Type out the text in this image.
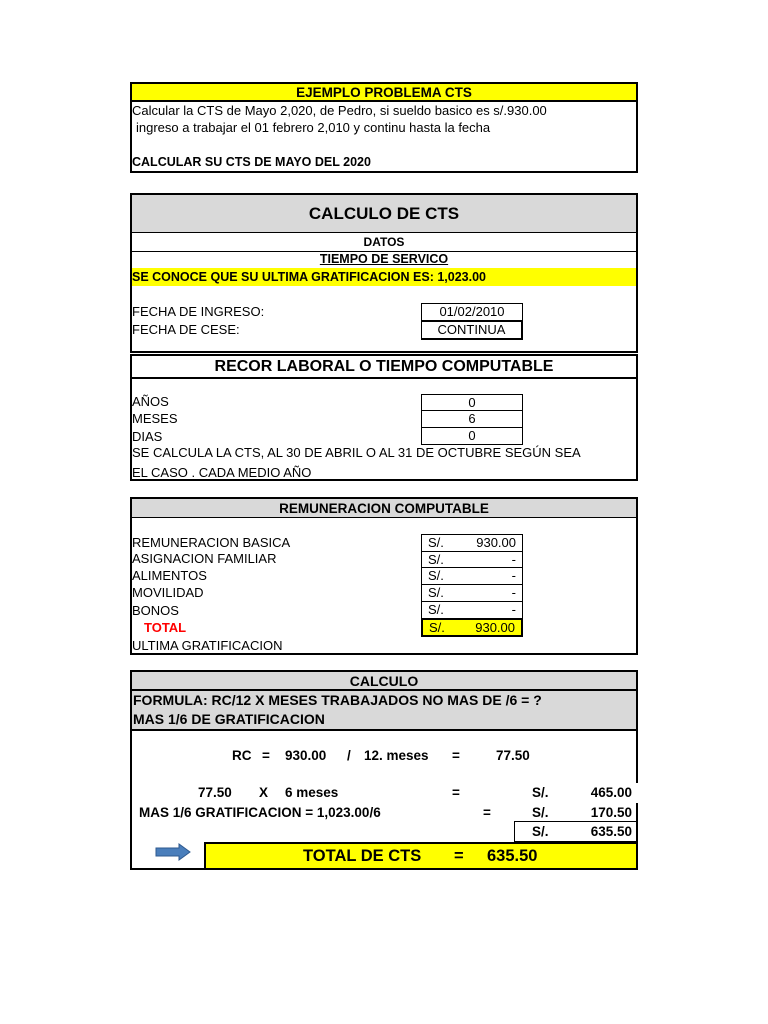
EJEMPLO PROBLEMA CTS
Calcular la CTS de Mayo 2,020, de Pedro, si sueldo basico es s/.930.00
ingreso a trabajar el 01 febrero 2,010 y continu hasta la fecha
CALCULAR SU CTS DE MAYO DEL 2020
CALCULO DE CTS
DATOS
TIEMPO DE SERVICO
SE CONOCE QUE SU ULTIMA GRATIFICACION ES: 1,023.00
FECHA DE INGRESO:	01/02/2010
FECHA DE CESE:	CONTINUA
RECOR LABORAL O TIEMPO COMPUTABLE
AÑOS	0
MESES	6
DIAS	0
SE CALCULA LA CTS, AL 30 DE ABRIL O AL 31 DE OCTUBRE SEGÚN SEA
EL CASO . CADA MEDIO AÑO
REMUNERACION COMPUTABLE
REMUNERACION BASICA	S/. 930.00
ASIGNACION FAMILIAR	S/.	-
ALIMENTOS	S/.	-
MOVILIDAD	S/.	-
BONOS	S/.	-
TOTAL	S/. 930.00
ULTIMA GRATIFICACION
CALCULO
FORMULA: RC/12 X MESES TRABAJADOS NO MAS DE /6 = ?
MAS 1/6 DE GRATIFICACION
RC = 930.00 / 12. meses =	77.50
77.50 X 6 meses	=	S/.	465.00
MAS 1/6 GRATIFICACION = 1,023.00/6	=	S/.	170.50
S/.	635.50
TOTAL DE CTS = 635.50
